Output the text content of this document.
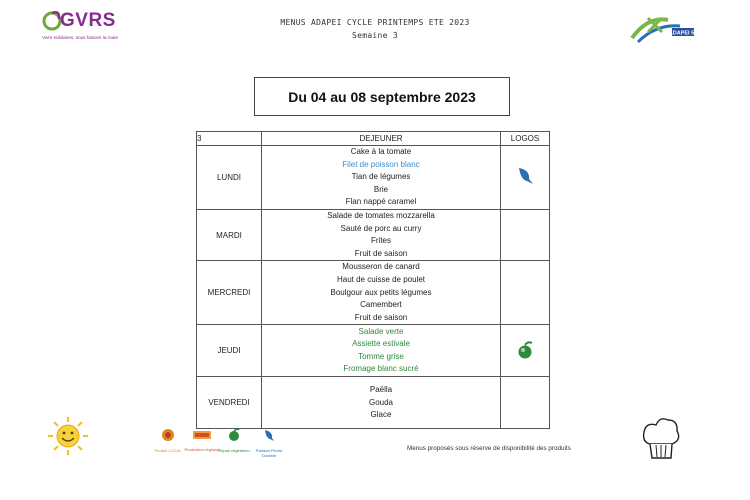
GVRS
Vivre solidaires, nous faisons la route
MENUS ADAPEI CYCLE PRINTEMPS ETE 2023
Semaine 3	ADAPEI 53
Du 04 au 08 septembre 2023
3	DEJEUNER	LOGOS
LUNDI	Cake à la tomate
Filet de poisson blanc
Tian de légumes
Brie
Flan nappé caramel

MARDI	Salade de tomates mozzarella
Sauté de porc au curry
Frites
Fruit de saison	

MERCREDI	Mousseron de canard
Haut de cuisse de poulet
Boulgour aux petits légumes
Camembert
Fruit de saison	

JEUDI	Salade verte
Assiette estivale
Tomme grise
Fromage blanc sucré

VENDREDI	Paëlla
Gouda
Glace	

Produit LOCAL Producteur régional
Repas végétarien	Poisson Pêche Durable
Menus proposés sous réserve de disponibilité des produits
